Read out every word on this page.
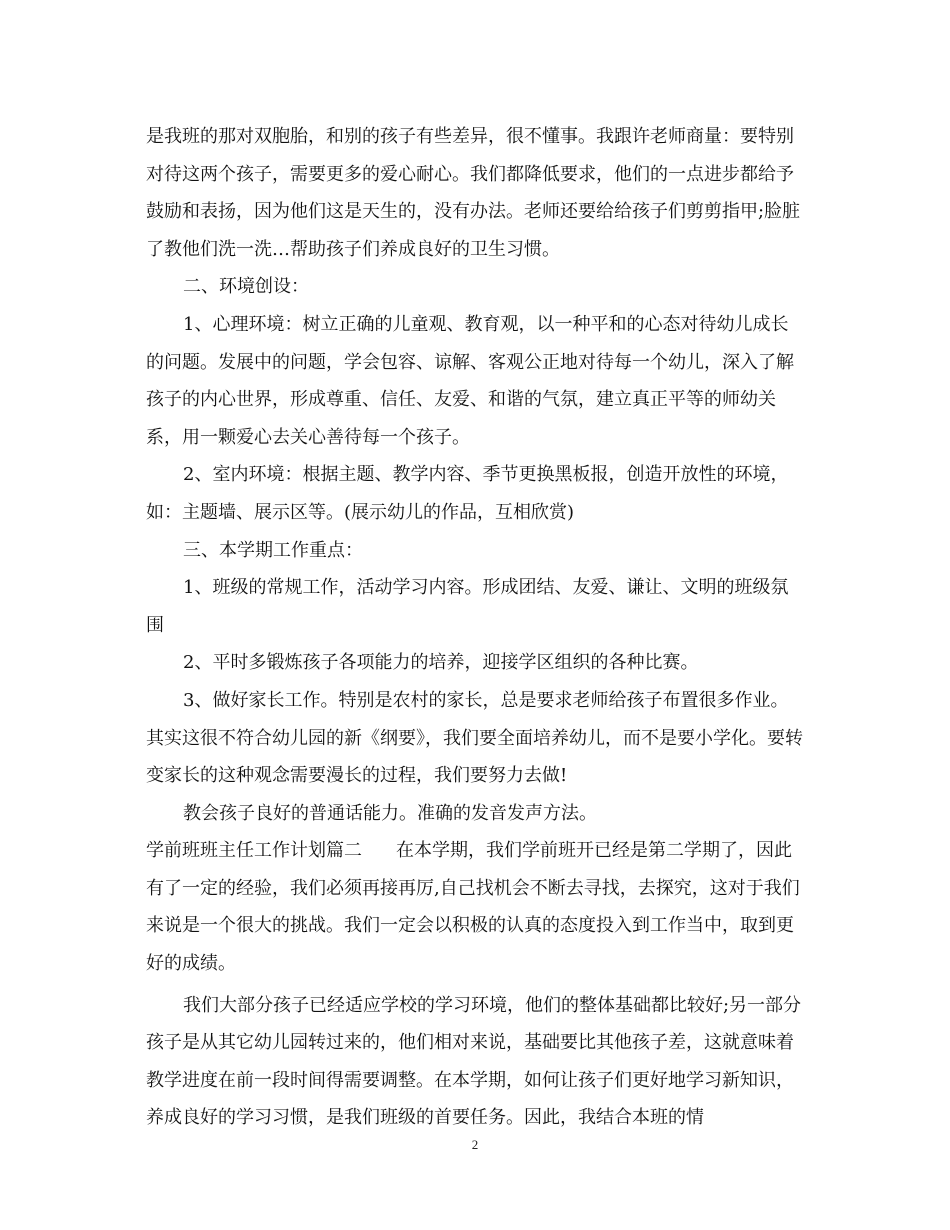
是我班的那对双胞胎，和别的孩子有些差异，很不懂事。我跟许老师商量：要特别对待这两个孩子，需要更多的爱心耐心。我们都降低要求，他们的一点进步都给予鼓励和表扬，因为他们这是天生的，没有办法。老师还要给给孩子们剪剪指甲;脸脏了教他们洗一洗…帮助孩子们养成良好的卫生习惯。

二、环境创设：

1、心理环境：树立正确的儿童观、教育观，以一种平和的心态对待幼儿成长的问题。发展中的问题，学会包容、谅解、客观公正地对待每一个幼儿，深入了解孩子的内心世界，形成尊重、信任、友爱、和谐的气氛，建立真正平等的师幼关系，用一颗爱心去关心善待每一个孩子。

2、室内环境：根据主题、教学内容、季节更换黑板报，创造开放性的环境，如：主题墙、展示区等。(展示幼儿的作品，互相欣赏)

三、本学期工作重点：

1、班级的常规工作，活动学习内容。形成团结、友爱、谦让、文明的班级氛围

2、平时多锻炼孩子各项能力的培养，迎接学区组织的各种比赛。

3、做好家长工作。特别是农村的家长，总是要求老师给孩子布置很多作业。其实这很不符合幼儿园的新《纲要》，我们要全面培养幼儿，而不是要小学化。要转变家长的这种观念需要漫长的过程，我们要努力去做!

教会孩子良好的普通话能力。准确的发音发声方法。

学前班班主任工作计划篇二 在本学期，我们学前班开已经是第二学期了，因此有了一定的经验，我们必须再接再厉,自己找机会不断去寻找，去探究，这对于我们来说是一个很大的挑战。我们一定会以积极的认真的态度投入到工作当中，取到更好的成绩。

我们大部分孩子已经适应学校的学习环境，他们的整体基础都比较好;另一部分孩子是从其它幼儿园转过来的，他们相对来说，基础要比其他孩子差，这就意味着教学进度在前一段时间得需要调整。在本学期，如何让孩子们更好地学习新知识，养成良好的学习习惯，是我们班级的首要任务。因此，我结合本班的情

2
